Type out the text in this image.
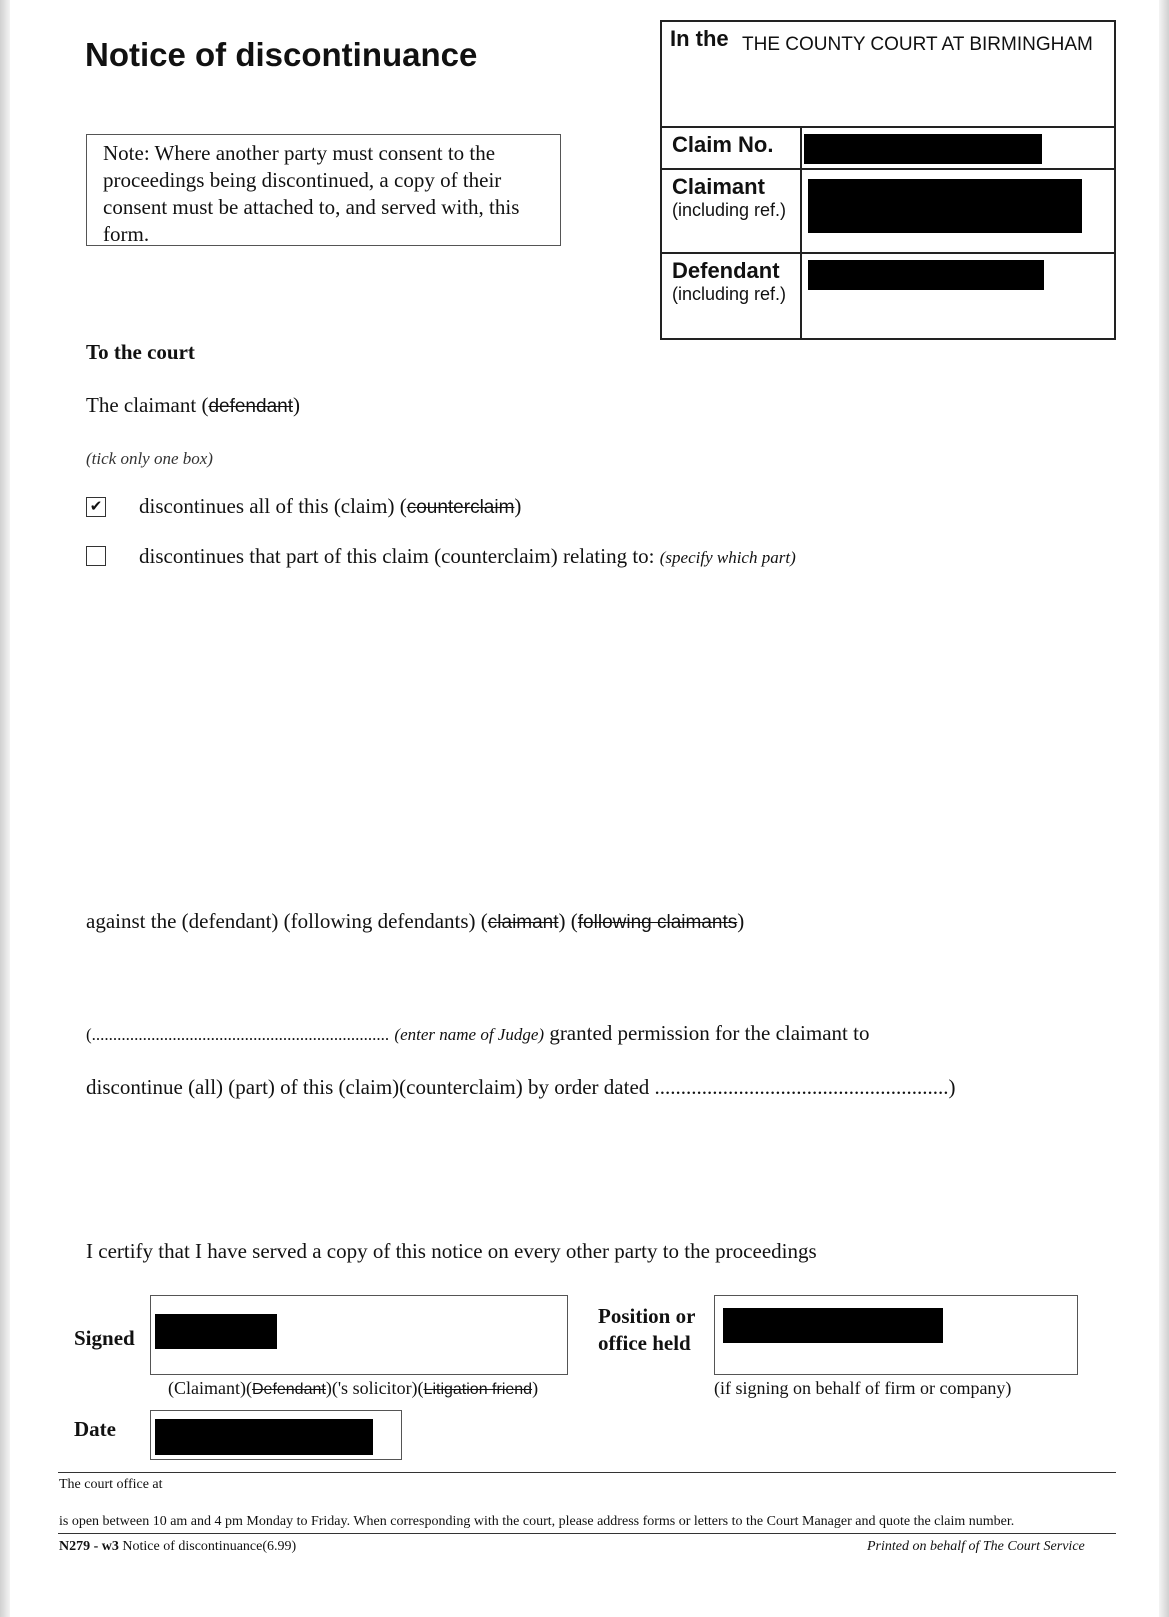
Notice of discontinuance
Note: Where another party must consent to the proceedings being discontinued, a copy of their consent must be attached to, and served with, this form.
Claim No.
Claimant
(including ref.)
Defendant
(including ref.)
In the THE COUNTY COURT AT BIRMINGHAM
To the court
The claimant (defendant)
(tick only one box)
✔ discontinues all of this (claim) (counterclaim)
discontinues that part of this claim (counterclaim) relating to: (specify which part)
against the (defendant) (following defendants) (claimant) (following claimants)
(...................................................................... (enter name of Judge) granted permission for the claimant to
discontinue (all) (part) of this (claim)(counterclaim) by order dated ........................................................)
I certify that I have served a copy of this notice on every other party to the proceedings
Signed
Position or
office held
(Claimant)(Defendant)('s solicitor)(Litigation friend)	(if signing on behalf of firm or company)
Date
The court office at
is open between 10 am and 4 pm Monday to Friday. When corresponding with the court, please address forms or letters to the Court Manager and quote the claim number.
N279 - w3 Notice of discontinuance(6.99)	Printed on behalf of The Court Service
